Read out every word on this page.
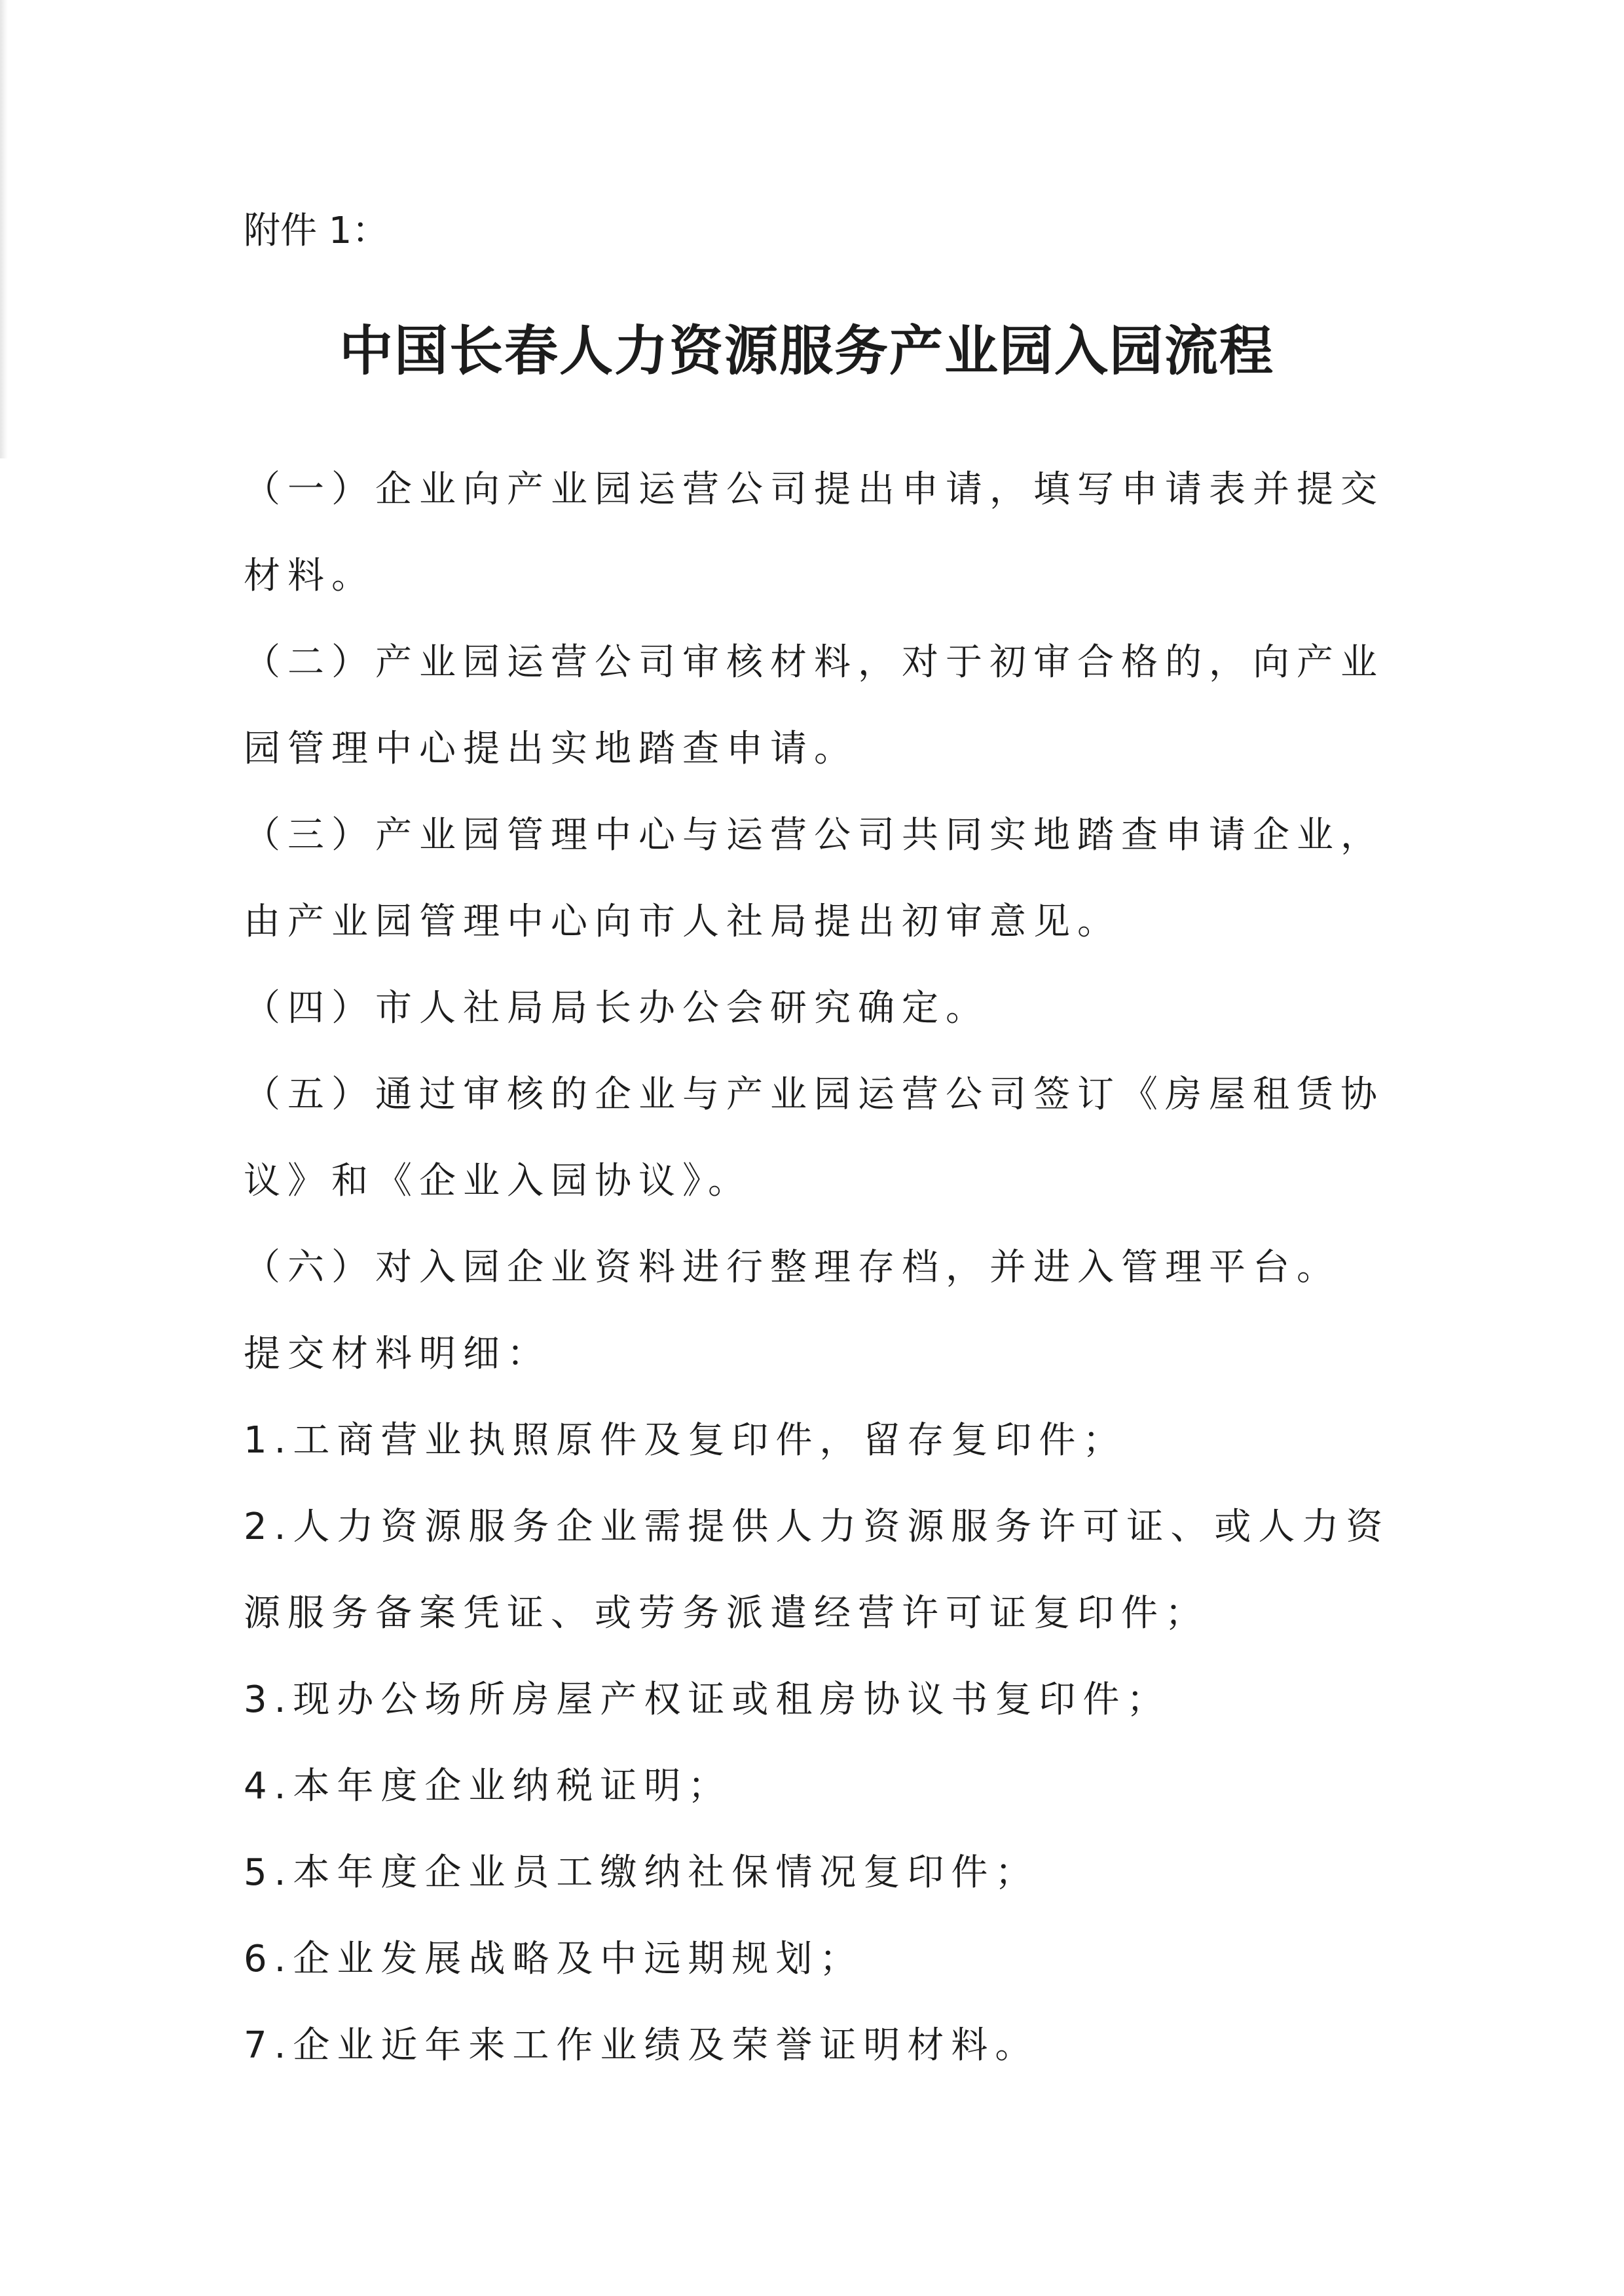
附件 1：

中国长春人力资源服务产业园入园流程

（一）企业向产业园运营公司提出申请，填写申请表并提交
材料。

（二）产业园运营公司审核材料，对于初审合格的，向产业
园管理中心提出实地踏查申请。

（三）产业园管理中心与运营公司共同实地踏查申请企业，
由产业园管理中心向市人社局提出初审意见。

（四）市人社局局长办公会研究确定。

（五）通过审核的企业与产业园运营公司签订《房屋租赁协
议》和《企业入园协议》。

（六）对入园企业资料进行整理存档，并进入管理平台。

提交材料明细：

1.工商营业执照原件及复印件，留存复印件；

2.人力资源服务企业需提供人力资源服务许可证、或人力资
源服务备案凭证、或劳务派遣经营许可证复印件；

3.现办公场所房屋产权证或租房协议书复印件；

4.本年度企业纳税证明；

5.本年度企业员工缴纳社保情况复印件；

6.企业发展战略及中远期规划；

7.企业近年来工作业绩及荣誉证明材料。
